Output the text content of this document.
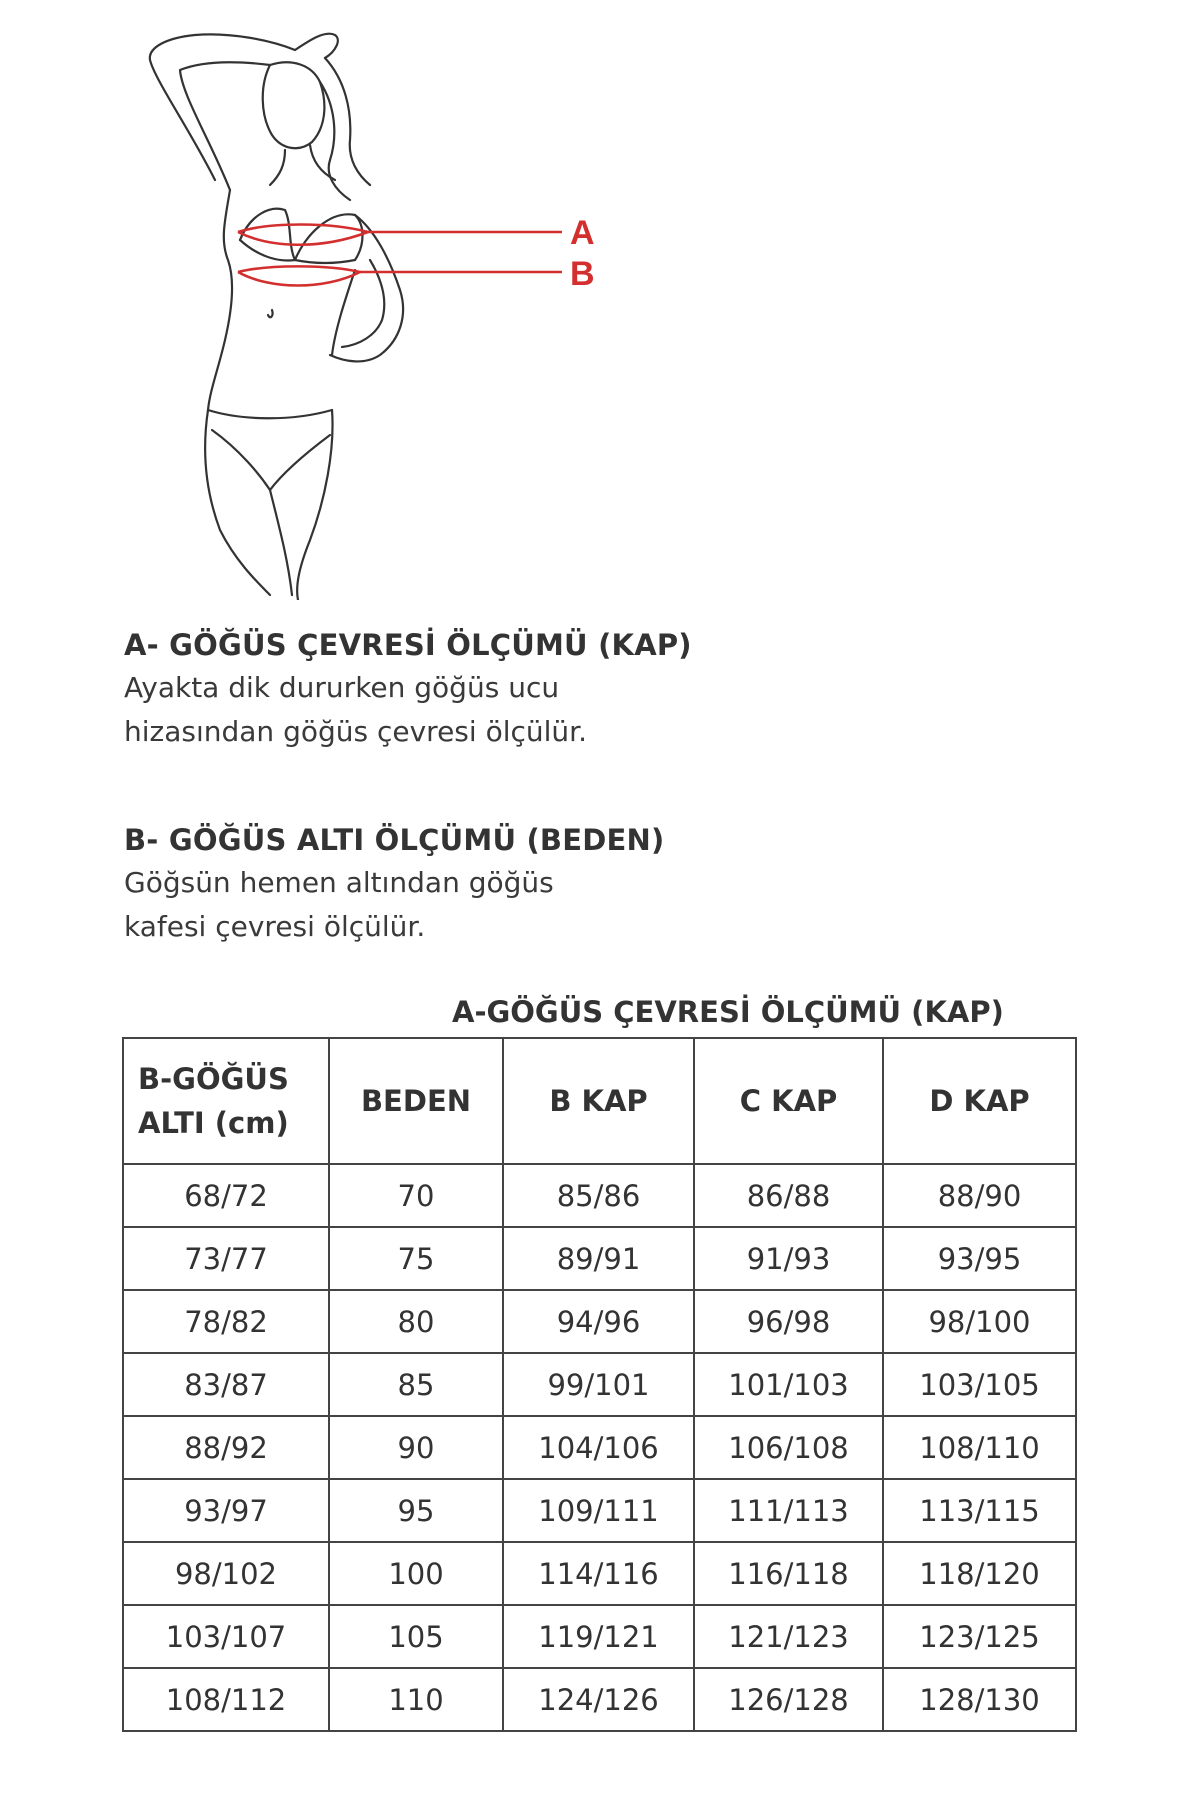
A
B

A- GÖĞÜS ÇEVRESİ ÖLÇÜMÜ (KAP)

Ayakta dik dururken göğüs ucu
hizasından göğüs çevresi ölçülür.

B- GÖĞÜS ALTI ÖLÇÜMÜ (BEDEN)

Göğsün hemen altından göğüs
kafesi çevresi ölçülür.

A-GÖĞÜS ÇEVRESİ ÖLÇÜMÜ (KAP)
B-GÖĞÜS
ALTI (cm)	BEDEN	B KAP	C KAP	D KAP
68/72	70	85/86	86/88	88/90
73/77	75	89/91	91/93	93/95
78/82	80	94/96	96/98	98/100
83/87	85	99/101	101/103	103/105
88/92	90	104/106	106/108	108/110
93/97	95	109/111	111/113	113/115
98/102	100	114/116	116/118	118/120
103/107	105	119/121	121/123	123/125
108/112	110	124/126	126/128	128/130
